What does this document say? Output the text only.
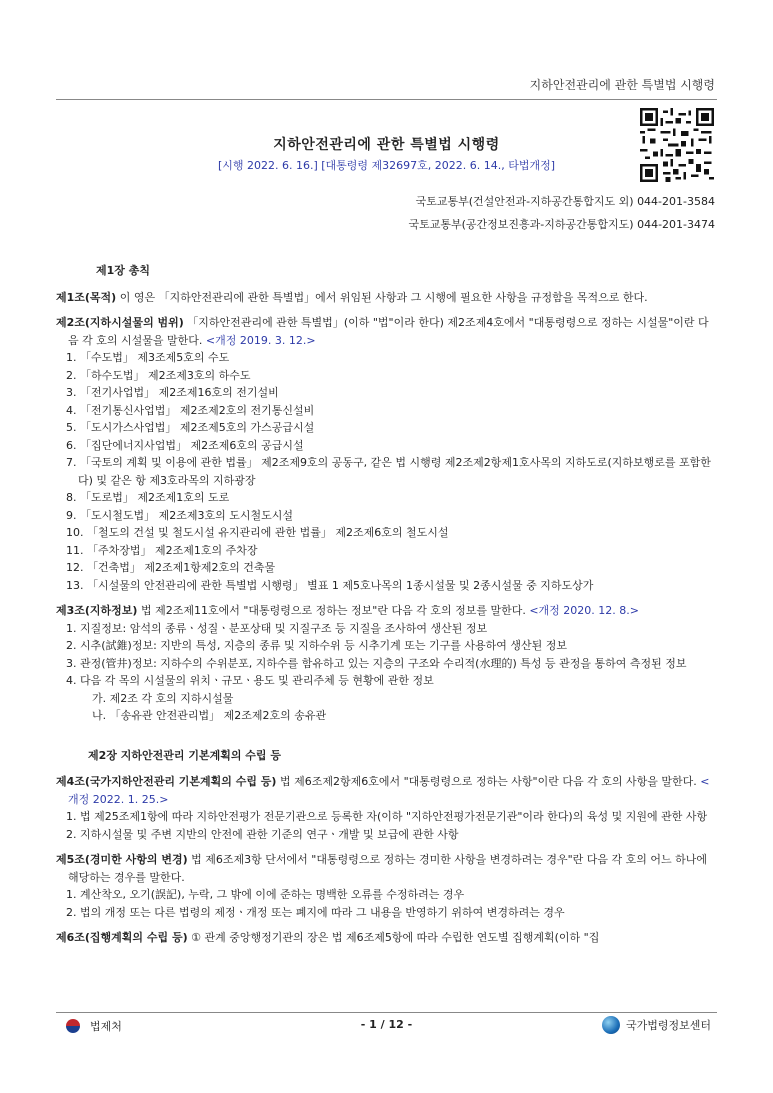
지하안전관리에 관한 특별법 시행령
지하안전관리에 관한 특별법 시행령
[시행 2022. 6. 16.] [대통령령 제32697호, 2022. 6. 14., 타법개정]
국토교통부(건설안전과-지하공간통합지도 외) 044-201-3584
국토교통부(공간정보진흥과-지하공간통합지도) 044-201-3474
제1장 총칙
제1조(목적) 이 영은 「지하안전관리에 관한 특별법」에서 위임된 사항과 그 시행에 필요한 사항을 규정함을 목적으로 한다.
제2조(지하시설물의 범위) 「지하안전관리에 관한 특별법」(이하 "법"이라 한다) 제2조제4호에서 "대통령령으로 정하는 시설물"이란 다음 각 호의 시설물을 말한다. <개정 2019. 3. 12.>
1. 「수도법」 제3조제5호의 수도
2. 「하수도법」 제2조제3호의 하수도
3. 「전기사업법」 제2조제16호의 전기설비
4. 「전기통신사업법」 제2조제2호의 전기통신설비
5. 「도시가스사업법」 제2조제5호의 가스공급시설
6. 「집단에너지사업법」 제2조제6호의 공급시설
7. 「국토의 계획 및 이용에 관한 법률」 제2조제9호의 공동구, 같은 법 시행령 제2조제2항제1호사목의 지하도로(지하보행로를 포함한다) 및 같은 항 제3호라목의 지하광장
8. 「도로법」 제2조제1호의 도로
9. 「도시철도법」 제2조제3호의 도시철도시설
10. 「철도의 건설 및 철도시설 유지관리에 관한 법률」 제2조제6호의 철도시설
11. 「주차장법」 제2조제1호의 주차장
12. 「건축법」 제2조제1항제2호의 건축물
13. 「시설물의 안전관리에 관한 특별법 시행령」 별표 1 제5호나목의 1종시설물 및 2종시설물 중 지하도상가
제3조(지하정보) 법 제2조제11호에서 "대통령령으로 정하는 정보"란 다음 각 호의 정보를 말한다. <개정 2020. 12. 8.>
1. 지질정보: 암석의 종류ㆍ성질ㆍ분포상태 및 지질구조 등 지질을 조사하여 생산된 정보
2. 시추(試錐)정보: 지반의 특성, 지층의 종류 및 지하수위 등 시추기계 또는 기구를 사용하여 생산된 정보
3. 관정(管井)정보: 지하수의 수위분포, 지하수를 함유하고 있는 지층의 구조와 수리적(水理的) 특성 등 관정을 통하여 측정된 정보
4. 다음 각 목의 시설물의 위치ㆍ규모ㆍ용도 및 관리주체 등 현황에 관한 정보
가. 제2조 각 호의 지하시설물
나. 「송유관 안전관리법」 제2조제2호의 송유관
제2장 지하안전관리 기본계획의 수립 등
제4조(국가지하안전관리 기본계획의 수립 등) 법 제6조제2항제6호에서 "대통령령으로 정하는 사항"이란 다음 각 호의 사항을 말한다. <개정 2022. 1. 25.>
1. 법 제25조제1항에 따라 지하안전평가 전문기관으로 등록한 자(이하 "지하안전평가전문기관"이라 한다)의 육성 및 지원에 관한 사항
2. 지하시설물 및 주변 지반의 안전에 관한 기준의 연구ㆍ개발 및 보급에 관한 사항
제5조(경미한 사항의 변경) 법 제6조제3항 단서에서 "대통령령으로 정하는 경미한 사항을 변경하려는 경우"란 다음 각 호의 어느 하나에 해당하는 경우를 말한다.
1. 계산착오, 오기(誤記), 누락, 그 밖에 이에 준하는 명백한 오류를 수정하려는 경우
2. 법의 개정 또는 다른 법령의 제정ㆍ개정 또는 폐지에 따라 그 내용을 반영하기 위하여 변경하려는 경우
제6조(집행계획의 수립 등) ① 관계 중앙행정기관의 장은 법 제6조제5항에 따라 수립한 연도별 집행계획(이하 "집
법제처	- 1 / 12 -	국가법령정보센터
